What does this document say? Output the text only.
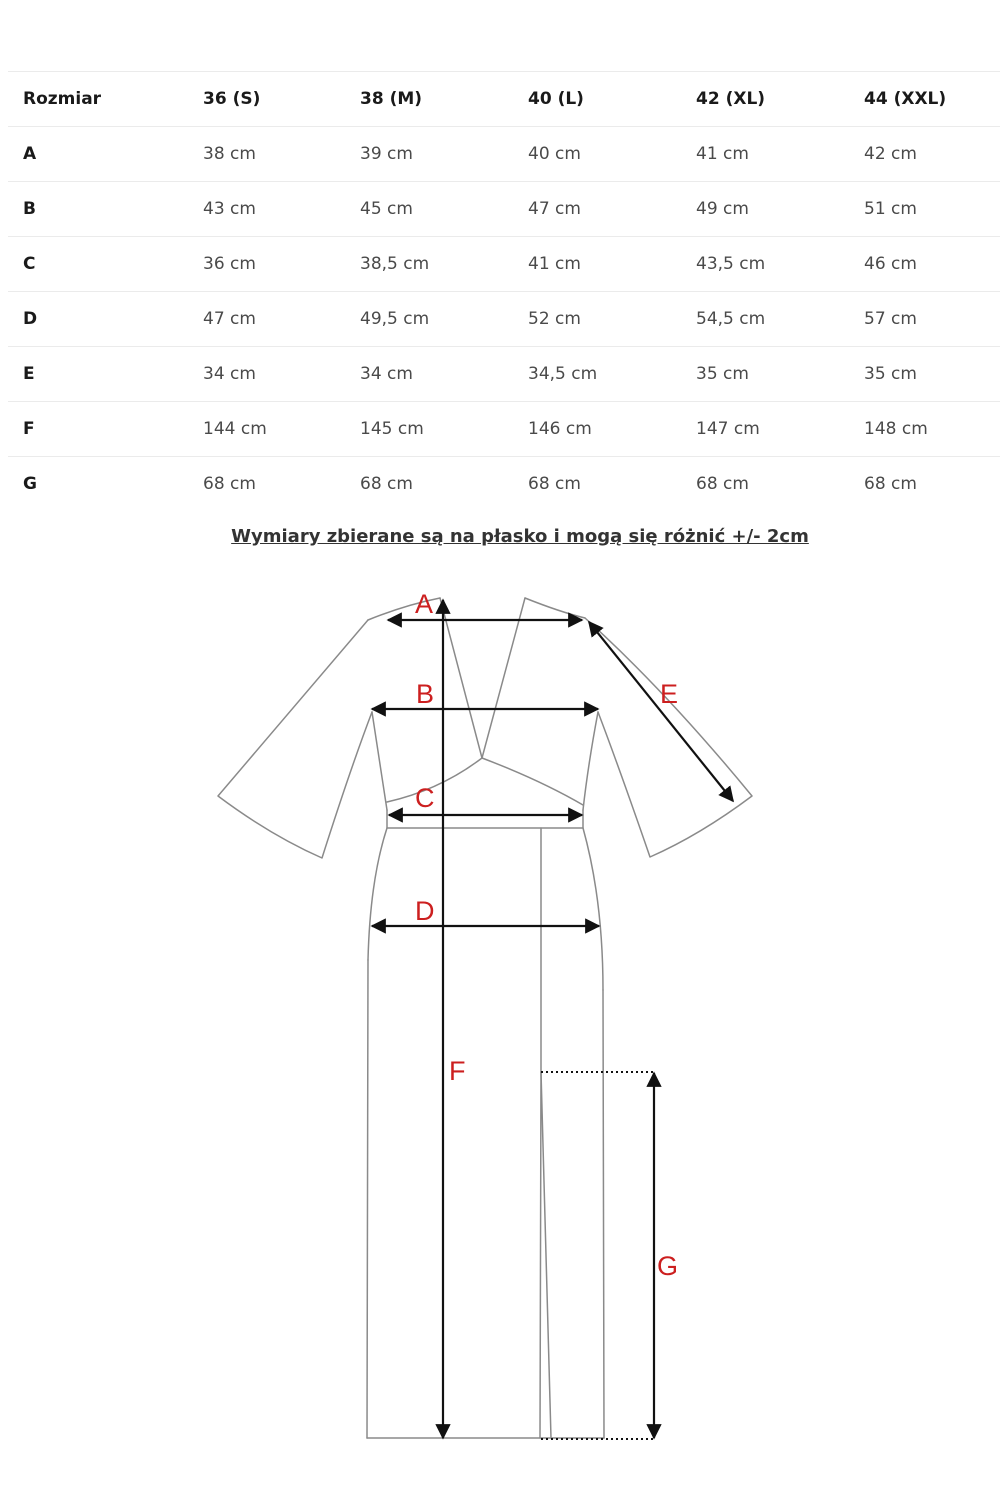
Rozmiar	36 (S)	38 (M)	40 (L)	42 (XL)	44 (XXL)
A	38 cm	39 cm	40 cm	41 cm	42 cm
B	43 cm	45 cm	47 cm	49 cm	51 cm
C	36 cm	38,5 cm	41 cm	43,5 cm	46 cm
D	47 cm	49,5 cm	52 cm	54,5 cm	57 cm
E	34 cm	34 cm	34,5 cm	35 cm	35 cm
F	144 cm	145 cm	146 cm	147 cm	148 cm
G	68 cm	68 cm	68 cm	68 cm	68 cm

Wymiary zbierane są na płasko i mogą się różnić +/- 2cm

A
B
C
D
E
F
G
